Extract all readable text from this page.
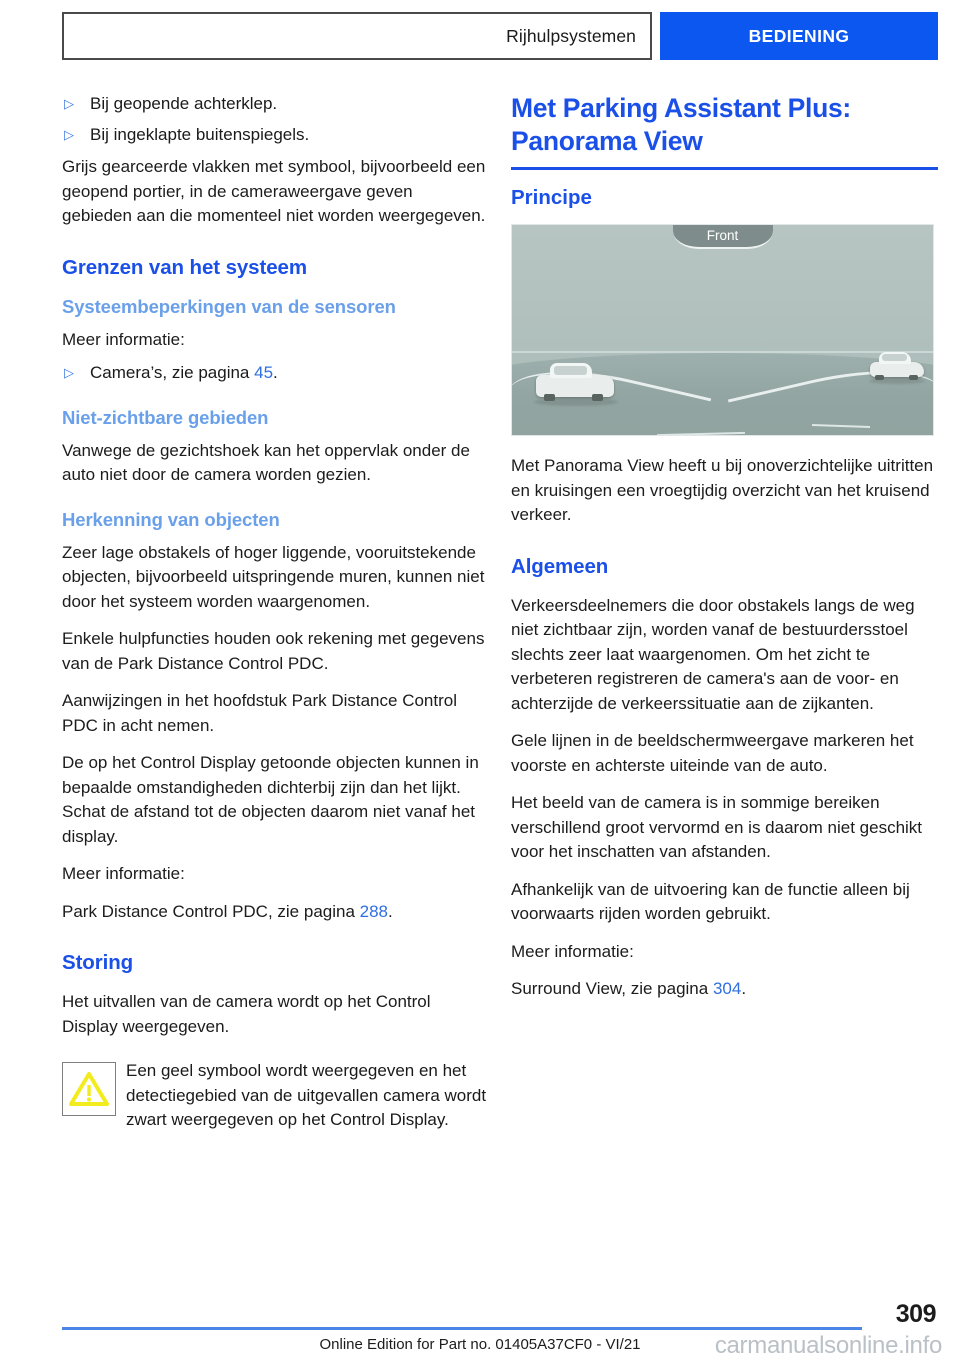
Rijhulpsystemen	BEDIENING
▷ Bij geopende achterklep.
▷ Bij ingeklapte buitenspiegels.

Grijs gearceerde vlakken met symbool, bijvoorbeeld een geopend portier, in de cameraweergave geven gebieden aan die momenteel niet worden weergegeven.

Grenzen van het systeem
Systeembeperkingen van de sensoren

Meer informatie:

▷ Camera’s, zie pagina 45.
Niet-zichtbare gebieden

Vanwege de gezichtshoek kan het oppervlak onder de auto niet door de camera worden gezien.

Herkenning van objecten

Zeer lage obstakels of hoger liggende, vooruitstekende objecten, bijvoorbeeld uitspringende muren, kunnen niet door het systeem worden waargenomen.

Enkele hulpfuncties houden ook rekening met gegevens van de Park Distance Control PDC.

Aanwijzingen in het hoofdstuk Park Distance Control PDC in acht nemen.

De op het Control Display getoonde objecten kunnen in bepaalde omstandigheden dichterbij zijn dan het lijkt. Schat de afstand tot de objecten daarom niet vanaf het display.

Meer informatie:

Park Distance Control PDC, zie pagina 288.

Storing

Het uitvallen van de camera wordt op het Control Display weergegeven.

Een geel symbool wordt weergegeven en het detectiegebied van de uitgevallen camera wordt zwart weergegeven op het Control Display.

Met Parking Assistant Plus: Panorama View
Principe
Front

Met Panorama View heeft u bij onoverzichtelijke uitritten en kruisingen een vroegtijdig overzicht van het kruisend verkeer.

Algemeen

Verkeersdeelnemers die door obstakels langs de weg niet zichtbaar zijn, worden vanaf de bestuurdersstoel slechts zeer laat waargenomen. Om het zicht te verbeteren registreren de camera's aan de voor- en achterzijde de verkeerssituatie aan de zijkanten.

Gele lijnen in de beeldschermweergave markeren het voorste en achterste uiteinde van de auto.

Het beeld van de camera is in sommige bereiken verschillend groot vervormd en is daarom niet geschikt voor het inschatten van afstanden.

Afhankelijk van de uitvoering kan de functie alleen bij voorwaarts rijden worden gebruikt.

Meer informatie:

Surround View, zie pagina 304.

309
Online Edition for Part no. 01405A37CF0 - VI/21	carmanualsonline.info
